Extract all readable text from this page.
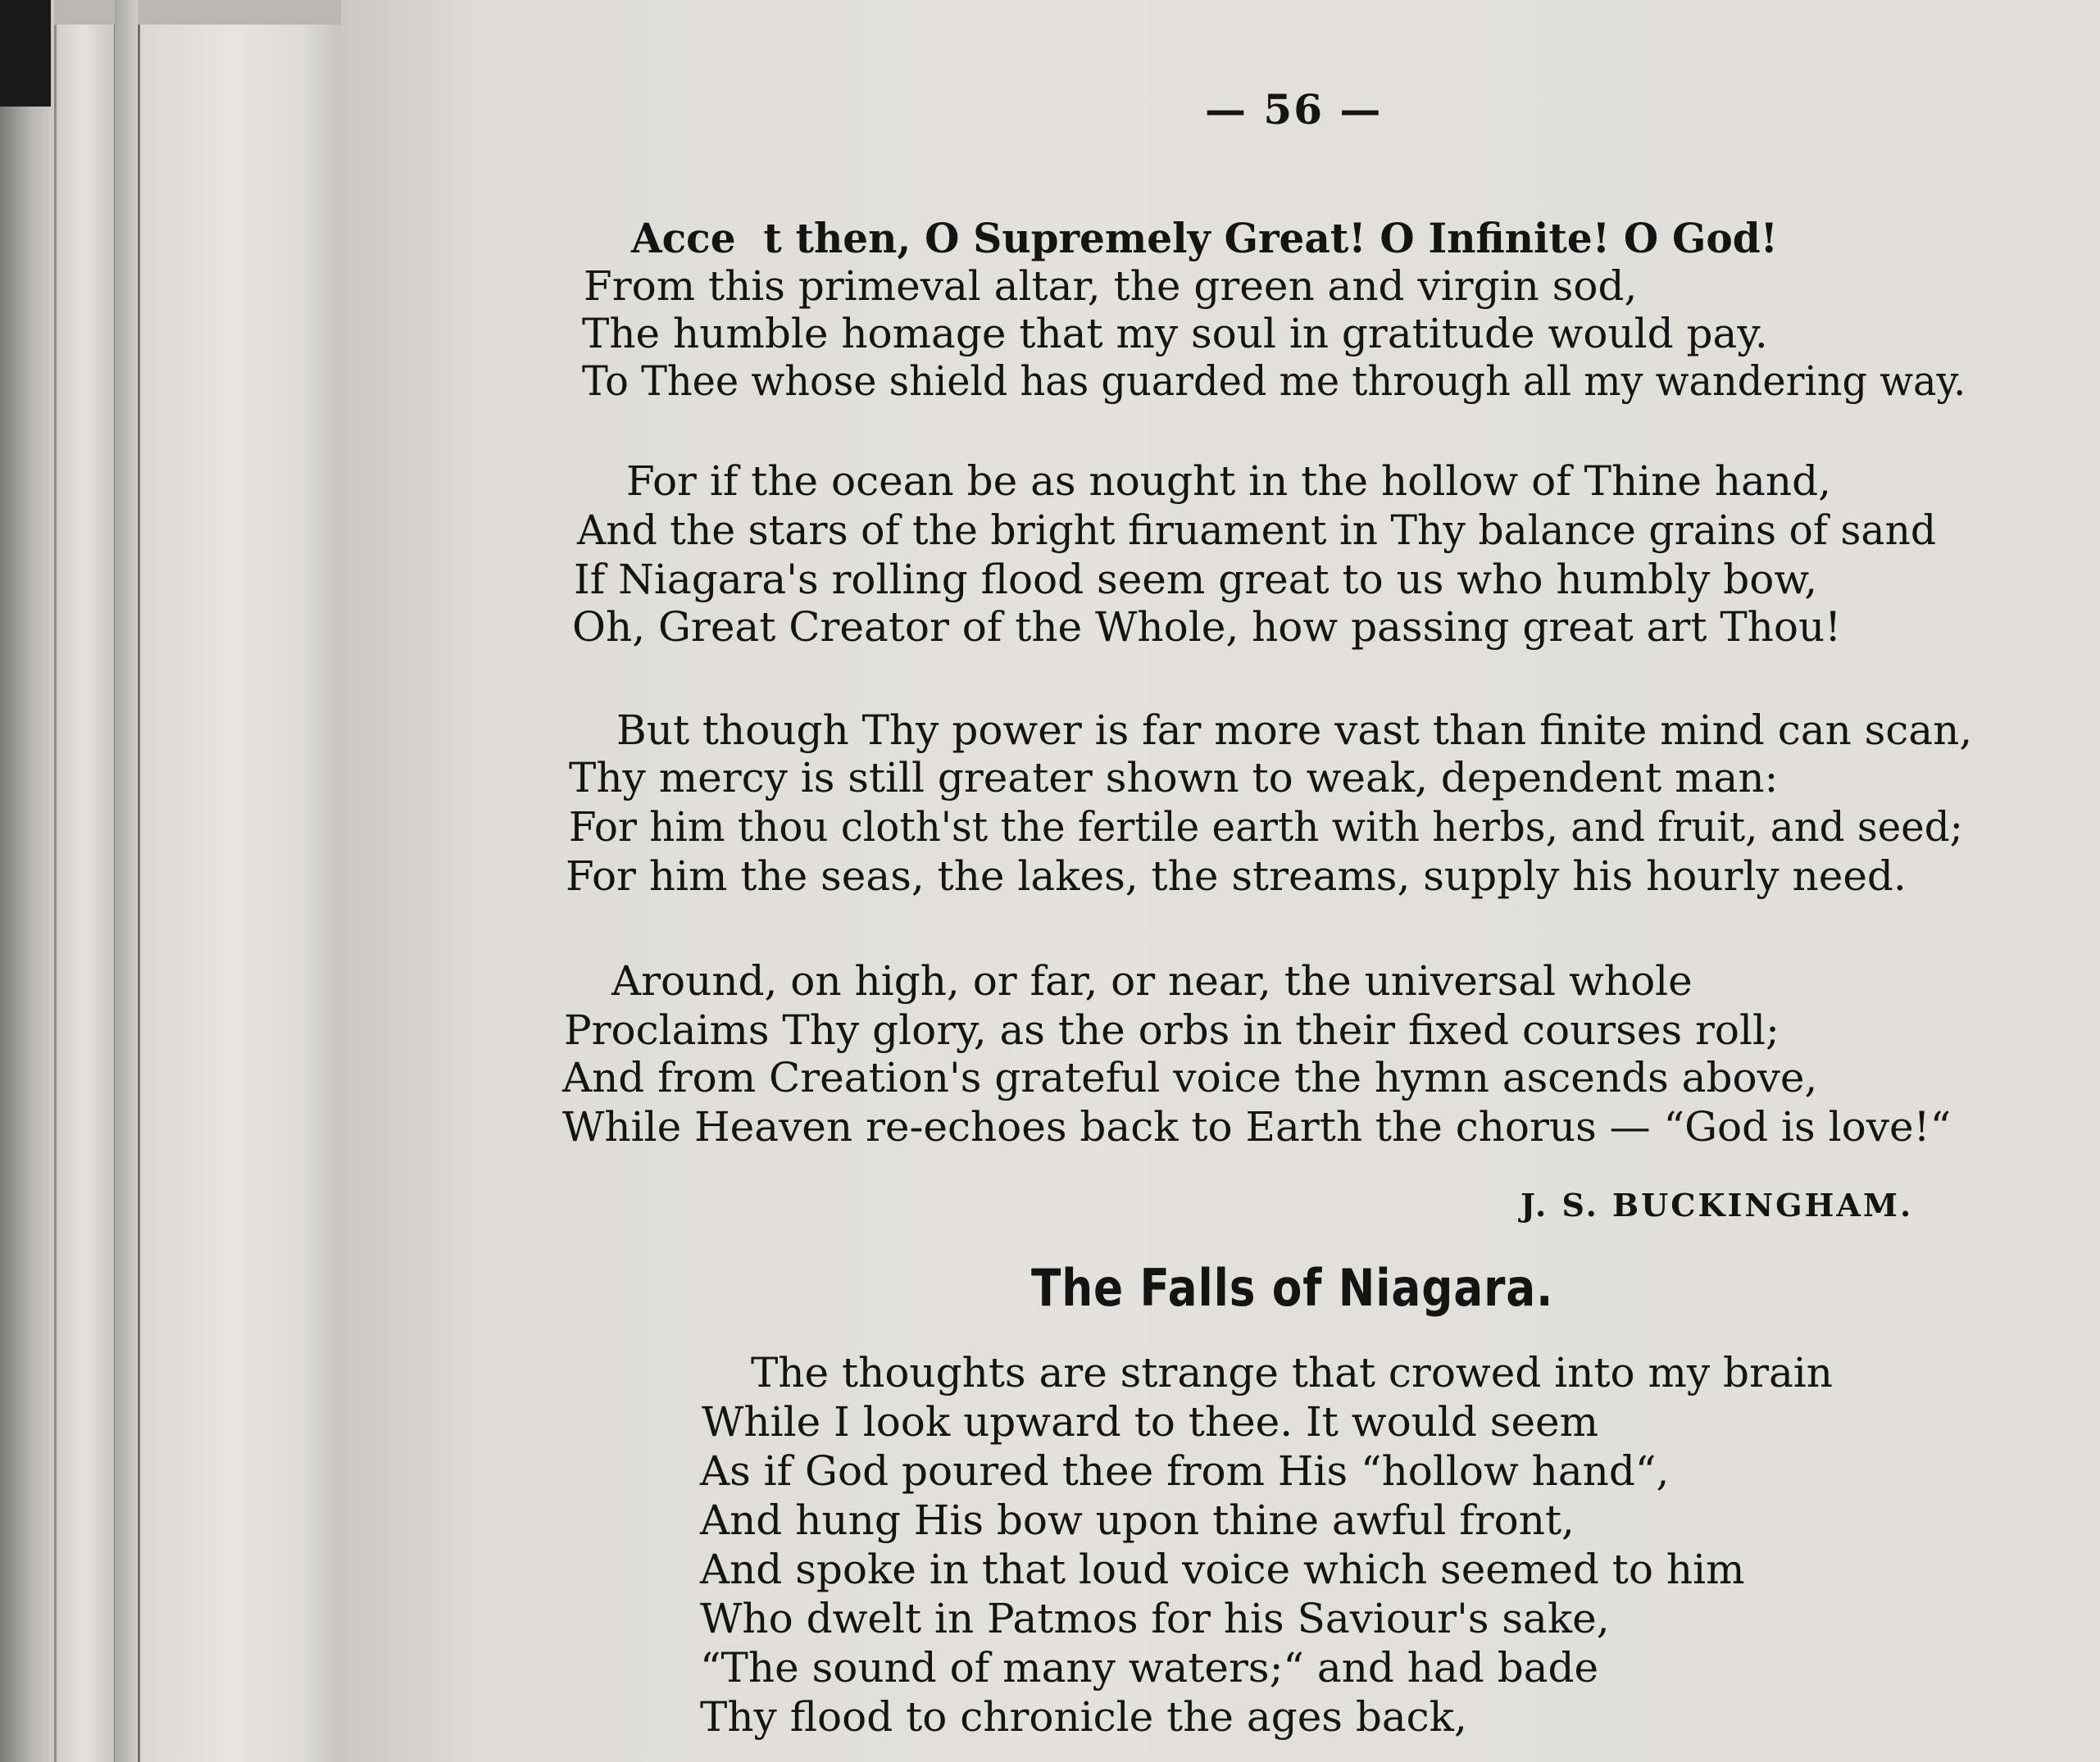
— 56 —

Acce  t then, O Supremely Great! O Infinite! O God!

From this primeval altar, the green and virgin sod,

The humble homage that my soul in gratitude would pay.

To Thee whose shield has guarded me through all my wandering way.

For if the ocean be as nought in the hollow of Thine hand,

And the stars of the bright firuament in Thy balance grains of sand

If Niagara's rolling flood seem great to us who humbly bow,

Oh, Great Creator of the Whole, how passing great art Thou!

But though Thy power is far more vast than finite mind can scan,

Thy mercy is still greater shown to weak, dependent man:

For him thou cloth'st the fertile earth with herbs, and fruit, and seed;

For him the seas, the lakes, the streams, supply his hourly need.

Around, on high, or far, or near, the universal whole

Proclaims Thy glory, as the orbs in their fixed courses roll;

And from Creation's grateful voice the hymn ascends above,

While Heaven re-echoes back to Earth the chorus — “God is love!“

J. S. BUCKINGHAM.

The Falls of Niagara.

The thoughts are strange that crowed into my brain

While I look upward to thee. It would seem

As if God poured thee from His “hollow hand“,

And hung His bow upon thine awful front,

And spoke in that loud voice which seemed to him

Who dwelt in Patmos for his Saviour's sake,

“The sound of many waters;“ and had bade

Thy flood to chronicle the ages back,
